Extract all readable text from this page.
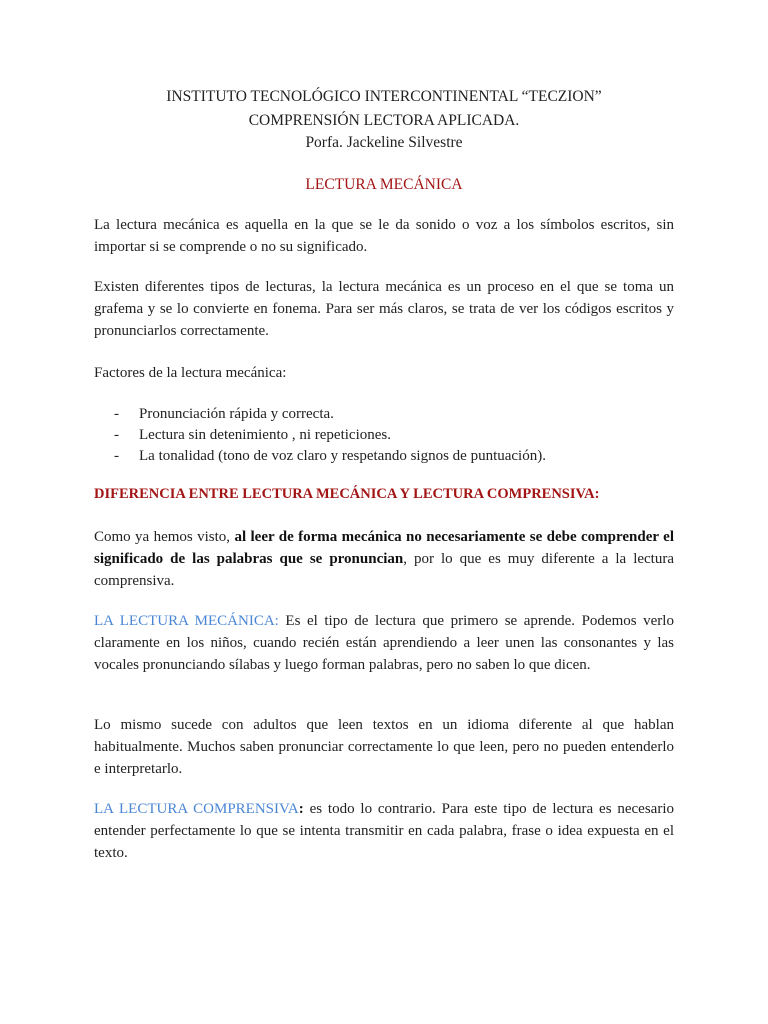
INSTITUTO TECNOLÓGICO INTERCONTINENTAL “TECZION”
COMPRENSIÓN LECTORA APLICADA.
Porfa. Jackeline Silvestre
LECTURA MECÁNICA

La lectura mecánica es aquella en la que se le da sonido o voz a los símbolos escritos, sin importar si se comprende o no su significado.

Existen diferentes tipos de lecturas, la lectura mecánica es un proceso en el que se toma un grafema y se lo convierte en fonema. Para ser más claros, se trata de ver los códigos escritos y pronunciarlos correctamente.

Factores de la lectura mecánica:

- Pronunciación rápida y correcta.
- Lectura sin detenimiento , ni repeticiones.
- La tonalidad (tono de voz claro y respetando signos de puntuación).
DIFERENCIA ENTRE LECTURA MECÁNICA Y LECTURA COMPRENSIVA:

Como ya hemos visto, al leer de forma mecánica no necesariamente se debe comprender el significado de las palabras que se pronuncian, por lo que es muy diferente a la lectura comprensiva.

LA LECTURA MECÁNICA: Es el tipo de lectura que primero se aprende. Podemos verlo claramente en los niños, cuando recién están aprendiendo a leer unen las consonantes y las vocales pronunciando sílabas y luego forman palabras, pero no saben lo que dicen.

Lo mismo sucede con adultos que leen textos en un idioma diferente al que hablan habitualmente. Muchos saben pronunciar correctamente lo que leen, pero no pueden entenderlo e interpretarlo.

LA LECTURA COMPRENSIVA: es todo lo contrario. Para este tipo de lectura es necesario entender perfectamente lo que se intenta transmitir en cada palabra, frase o idea expuesta en el texto.
